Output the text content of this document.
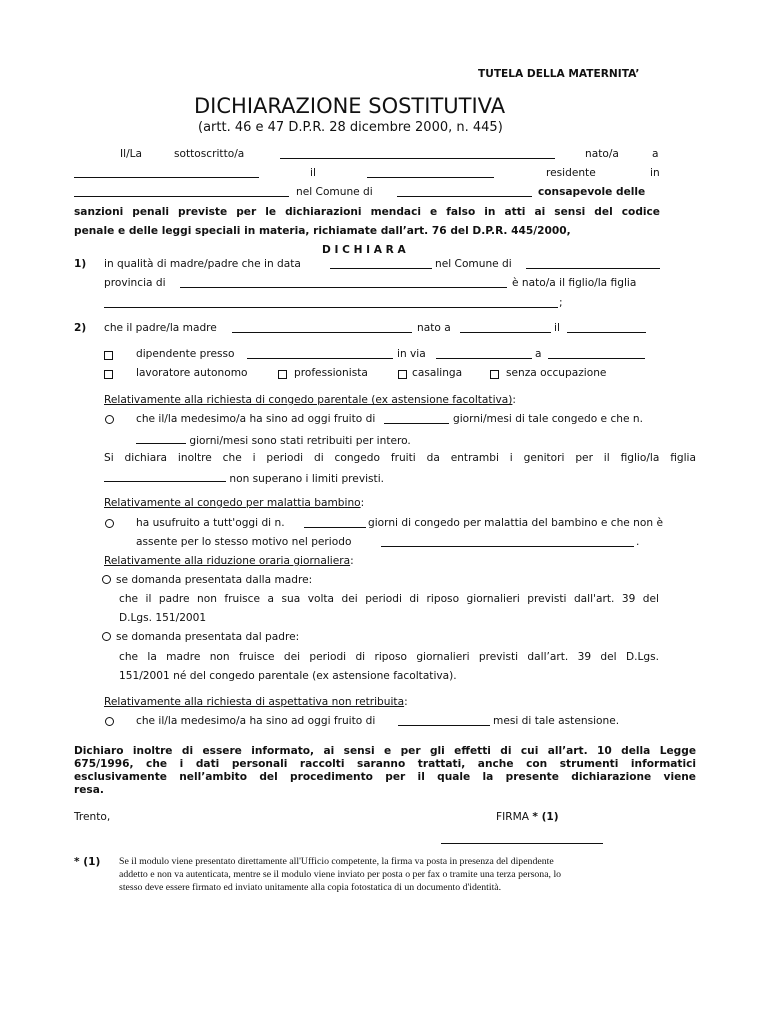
TUTELA DELLA MATERNITA’
DICHIARAZIONE SOSTITUTIVA
(artt. 46 e 47 D.P.R. 28 dicembre 2000, n. 445)
Il/La	sottoscritto/a	nato/a	a
il	residente	in
nel Comune di	consapevole delle
sanzioni penali previste per le dichiarazioni mendaci e falso in atti ai sensi del codice
penale e delle leggi speciali in materia, richiamate dall’art. 76 del D.P.R. 445/2000,
D I C H I A R A
1) in qualità di madre/padre che in data	nel Comune di
provincia di	è nato/a il figlio/la figlia
;
2) che il padre/la madre	nato a	il
dipendente presso	in via	a
lavoratore autonomo	professionista	casalinga	senza occupazione
Relativamente alla richiesta di congedo parentale (ex astensione facoltativa):
che il/la medesimo/a ha sino ad oggi fruito di	giorni/mesi di tale congedo e che n.
giorni/mesi sono stati retribuiti per intero.
Si dichiara inoltre che i periodi di congedo fruiti da entrambi i genitori per il figlio/la figlia
non superano i limiti previsti.
Relativamente al congedo per malattia bambino:
ha usufruito a tutt'oggi di n.	giorni di congedo per malattia del bambino e che non è
assente per lo stesso motivo nel periodo	.
Relativamente alla riduzione oraria giornaliera:
se domanda presentata dalla madre:
che il padre non fruisce a sua volta dei periodi di riposo giornalieri previsti dall'art. 39 del
D.Lgs. 151/2001
se domanda presentata dal padre:
che la madre non fruisce dei periodi di riposo giornalieri previsti dall’art. 39 del D.Lgs.
151/2001 né del congedo parentale (ex astensione facoltativa).
Relativamente alla richiesta di aspettativa non retribuita:
che il/la medesimo/a ha sino ad oggi fruito di	mesi di tale astensione.
Dichiaro inoltre di essere informato, ai sensi e per gli effetti di cui all’art. 10 della Legge
675/1996, che i dati personali raccolti saranno trattati, anche con strumenti informatici
esclusivamente nell’ambito del procedimento per il quale la presente dichiarazione viene
resa.
Trento,	FIRMA * (1)
* (1) Se il modulo viene presentato direttamente all'Ufficio competente, la firma va posta in presenza del dipendente
addetto e non va autenticata, mentre se il modulo viene inviato per posta o per fax o tramite una terza persona, lo
stesso deve essere firmato ed inviato unitamente alla copia fotostatica di un documento d'identità.
